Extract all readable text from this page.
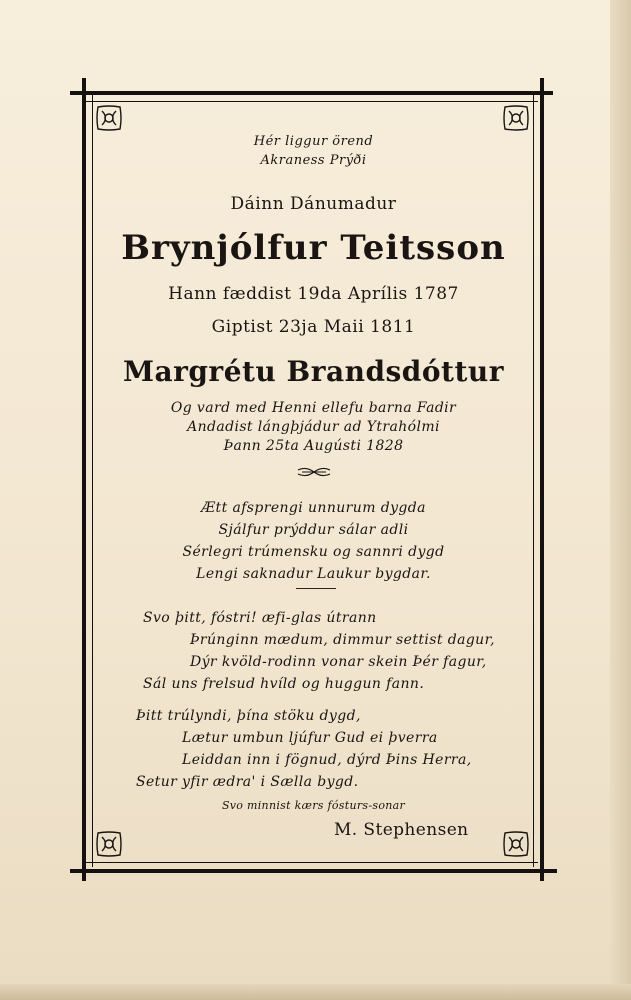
Hér liggur örend
Akraness Prýði
Dáinn Dánumadur
Brynjólfur Teitsson
Hann fæddist 19da Aprílis 1787
Giptist 23ja Maii 1811
Margrétu Brandsdóttur
Og vard med Henni ellefu barna Fadir
Andadist lángþjádur ad Ytrahólmi
Þann 25ta Augústi 1828
Ætt afsprengi unnurum dygda
Sjálfur prýddur sálar adli
Sérlegri trúmensku og sannri dygd
Lengi saknadur Laukur bygdar.
Svo þitt, fóstri! æfi-glas útrann
Þrúnginn mædum, dimmur settist dagur,
Dýr kvöld-rodinn vonar skein Þér fagur,
Sál uns frelsud hvíld og huggun fann.
Þitt trúlyndi, þína stöku dygd,
Lætur umbun ljúfur Gud ei þverra
Leiddan inn i fögnud, dýrd Þins Herra,
Setur yfir ædra' i Sælla bygd.
Svo minnist kærs fósturs-sonar
M. Stephensen
